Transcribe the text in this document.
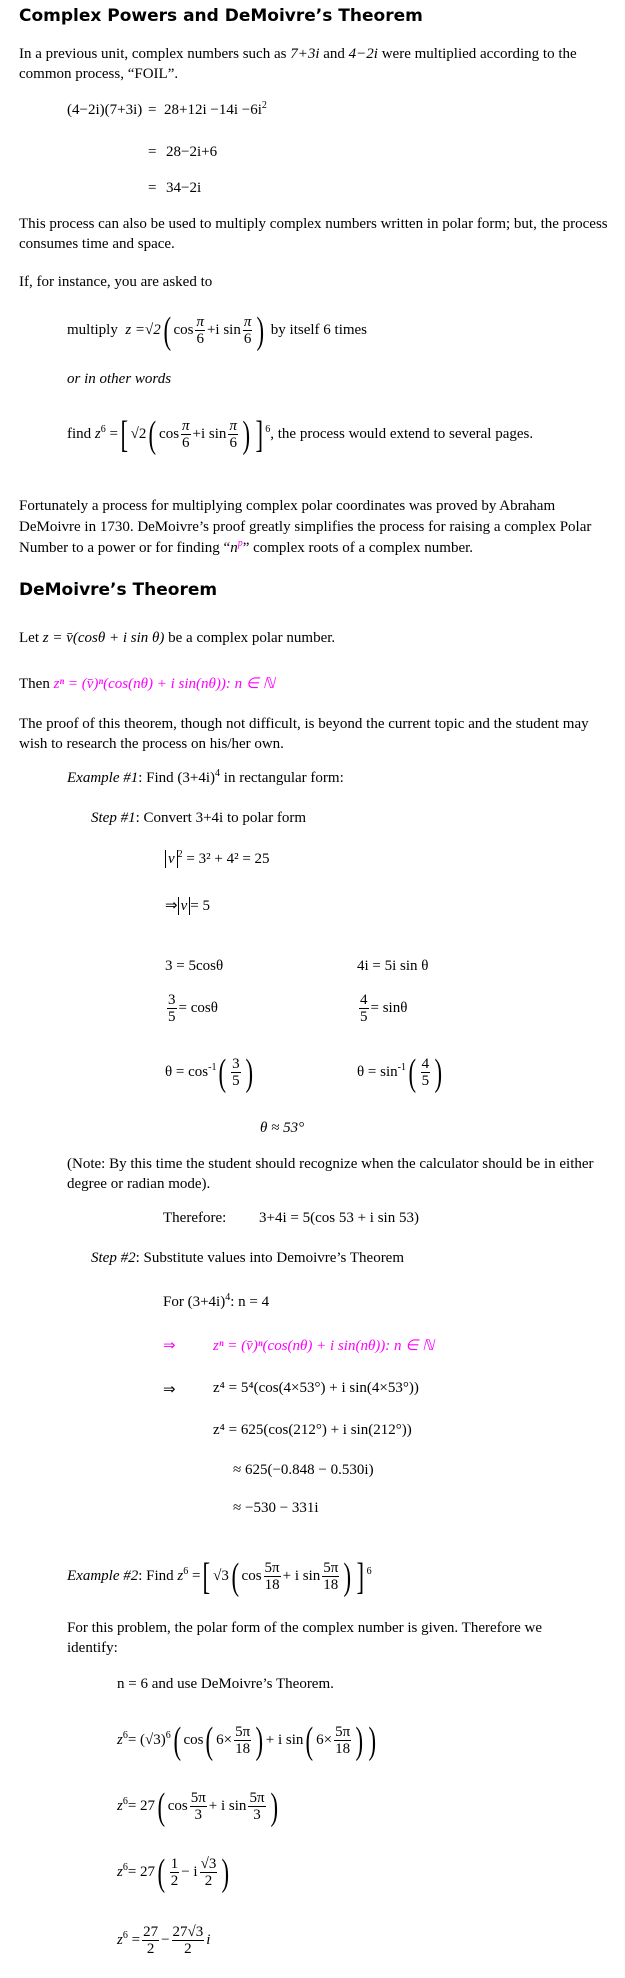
Complex Powers and DeMoivre’s Theorem
In a previous unit, complex numbers such as 7+3i and 4−2i were multiplied according to the common process, “FOIL”.
$(4-2i)(7+3i) = 28+12i -14i -6i^2$
= 28−2i+6
= 34−2i
This process can also be used to multiply complex numbers written in polar form; but, the process consumes time and space.
If, for instance, you are asked to
multiply z =√2( $\cos \frac{\pi}{6} +i$ $\sin \frac{\pi}{6}$ ) by itself 6 times
or in other words
find $z^6$ =[ √2( $\cos \frac{\pi}{6} +i$ $\sin \frac{\pi}{6}$ ) ] $^6$, the process would extend to several pages.
Fortunately a process for multiplying complex polar coordinates was proved by Abraham DeMoivre in 1730. DeMoivre’s proof greatly simplifies the process for raising a complex Polar Number to a power or for finding “$n^p$” complex roots of a complex number.
DeMoivre’s Theorem
Let z = v̄(cosθ + i sin θ) be a complex polar number.
Then zⁿ = (v̄)ⁿ(cos(nθ) + i sin(nθ)): n ∈ ℕ
The proof of this theorem, though not difficult, is beyond the current topic and the student may wish to research the process on his/her own.
Example #1: Find $(3+4i)^4$ in rectangular form:
Step #1: Convert 3+4i to polar form
v $^2$ = 3² + 4² = 25
⇒ v = 5
3 = 5cosθ	4i = 5i sin θ
$\frac{3}{5} = \cos\theta$	$\frac{4}{5} = \sin\theta$
$\theta = \cos^{-1}( \frac{3}{5}$ )	$\theta = \sin^{-1}( \frac{4}{5}$ )
θ ≈ 53°
(Note: By this time the student should recognize when the calculator should be in either degree or radian mode).
Therefore: 3+4i = 5(cos 53 + i sin 53)
Step #2: Substitute values into Demoivre’s Theorem
For $(3+4i)^4$: n = 4
⇒ zⁿ = (v̄)ⁿ(cos(nθ) + i sin(nθ)): n ∈ ℕ
⇒ z⁴ = 5⁴(cos(4×53°) + i sin(4×53°))
z⁴ = 625(cos(212°) + i sin(212°))
≈ 625(−0.848 − 0.530i)
≈ −530 − 331i
Example #2: Find $z^6$ =[ √3( $\cos \frac{5\pi}{18} + i$ $\sin \frac{5\pi}{18}$ ) ] $^6$
For this problem, the polar form of the complex number is given. Therefore we identify:
n = 6 and use DeMoivre’s Theorem.
$z^6= (√3)^6$( cos( $6\times \frac{5\pi}{18}$ ) + i sin( $6\times \frac{5\pi}{18}$ ) )
$z^6= 27$( $\cos \frac{5\pi}{3} + i$ $\sin \frac{5\pi}{3}$ )
$z^6= 27( \frac{1}{2} - i \frac{√3}{2}$ )
$z^6 = \frac{27}{2} - \frac{27√3}{2}$ i
